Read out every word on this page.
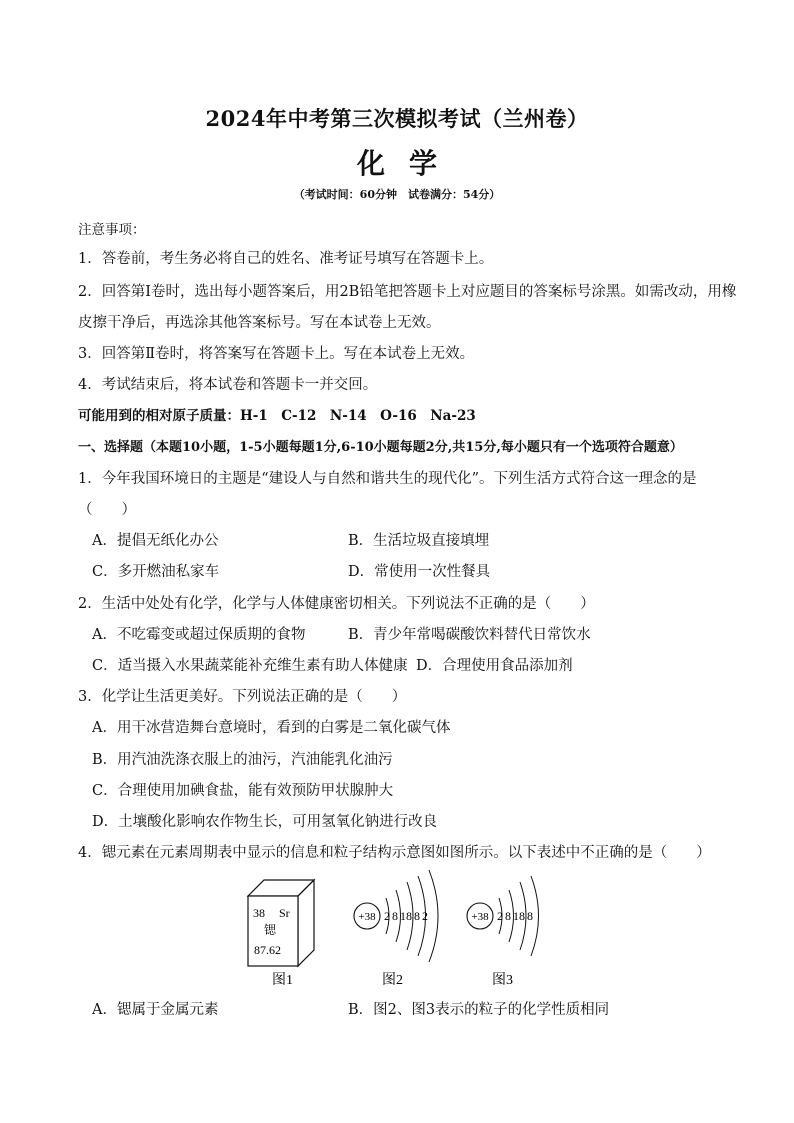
2024年中考第三次模拟考试（兰州卷）
化学
（考试时间：60分钟　试卷满分：54分）
注意事项：
1．答卷前，考生务必将自己的姓名、准考证号填写在答题卡上。
2．回答第Ⅰ卷时，选出每小题答案后，用2B铅笔把答题卡上对应题目的答案标号涂黑。如需改动，用橡
皮擦干净后，再选涂其他答案标号。写在本试卷上无效。
3．回答第Ⅱ卷时，将答案写在答题卡上。写在本试卷上无效。
4．考试结束后，将本试卷和答题卡一并交回。
可能用到的相对原子质量：H-1　C-12　N-14　O-16　Na-23
一、选择题（本题10小题，1-5小题每题1分,6-10小题每题2分,共15分,每小题只有一个选项符合题意）
1．今年我国环境日的主题是“建设人与自然和谐共生的现代化”。下列生活方式符合这一理念的是
（　　）
A．提倡无纸化办公	B．生活垃圾直接填埋
C．多开燃油私家车	D．常使用一次性餐具
2．生活中处处有化学，化学与人体健康密切相关。下列说法不正确的是（　　）
A．不吃霉变或超过保质期的食物	B．青少年常喝碳酸饮料替代日常饮水
C．适当摄入水果蔬菜能补充维生素有助人体健康 D．合理使用食品添加剂
3．化学让生活更美好。下列说法正确的是（　　）
A．用干冰营造舞台意境时，看到的白雾是二氧化碳气体
B．用汽油洗涤衣服上的油污，汽油能乳化油污
C．合理使用加碘食盐，能有效预防甲状腺肿大
D．土壤酸化影响农作物生长，可用氢氧化钠进行改良
4．锶元素在元素周期表中显示的信息和粒子结构示意图如图所示。以下表述中不正确的是（　　）
38 Sr
锶
87.62
+38 2 8 18 8 2	+38 2 8 18 8
图1	图2	图3
A．锶属于金属元素	B．图2、图3表示的粒子的化学性质相同
